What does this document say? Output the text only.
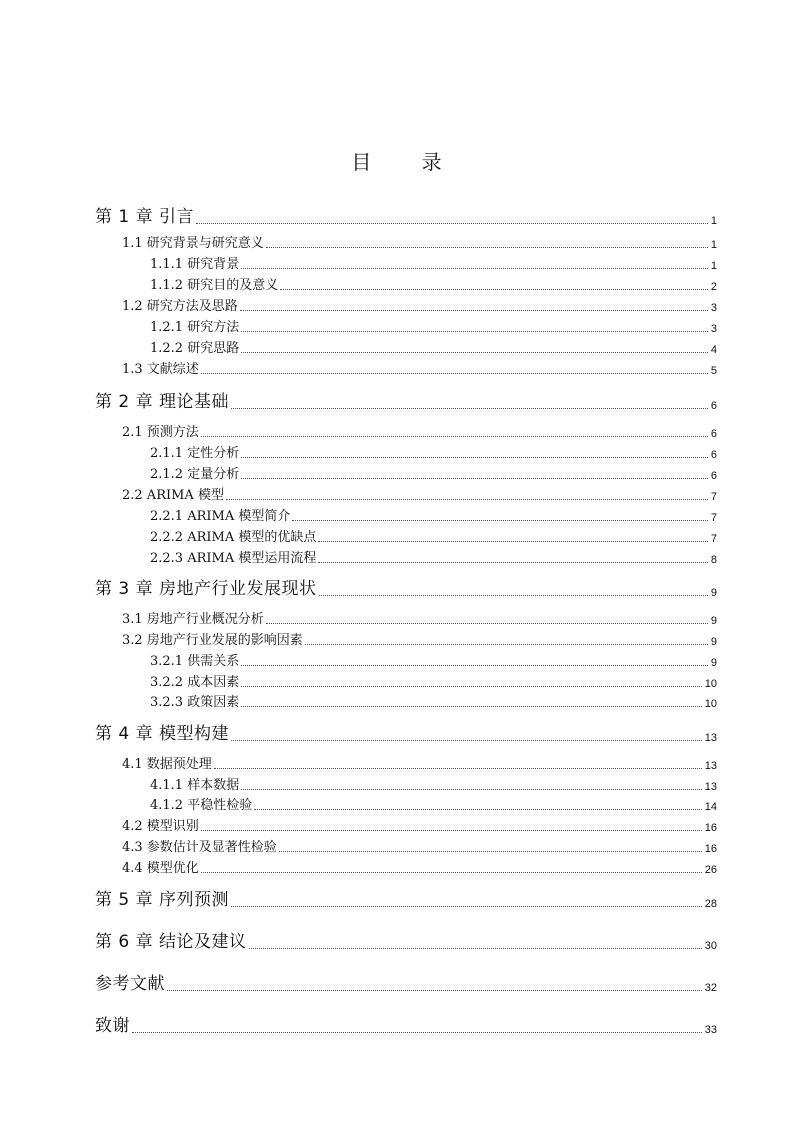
目 录
第 1 章 引言	1
1.1 研究背景与研究意义	1
1.1.1 研究背景	1
1.1.2 研究目的及意义	2
1.2 研究方法及思路	3
1.2.1 研究方法	3
1.2.2 研究思路	4
1.3 文献综述	5
第 2 章 理论基础	6
2.1 预测方法	6
2.1.1 定性分析	6
2.1.2 定量分析	6
2.2 ARIMA 模型	7
2.2.1 ARIMA 模型简介	7
2.2.2 ARIMA 模型的优缺点	7
2.2.3 ARIMA 模型运用流程	8
第 3 章 房地产行业发展现状	9
3.1 房地产行业概况分析	9
3.2 房地产行业发展的影响因素	9
3.2.1 供需关系	9
3.2.2 成本因素	10
3.2.3 政策因素	10
第 4 章 模型构建	13
4.1 数据预处理	13
4.1.1 样本数据	13
4.1.2 平稳性检验	14
4.2 模型识别	16
4.3 参数估计及显著性检验	16
4.4 模型优化	26
第 5 章 序列预测	28
第 6 章 结论及建议	30
参考文献	32
致谢	33
